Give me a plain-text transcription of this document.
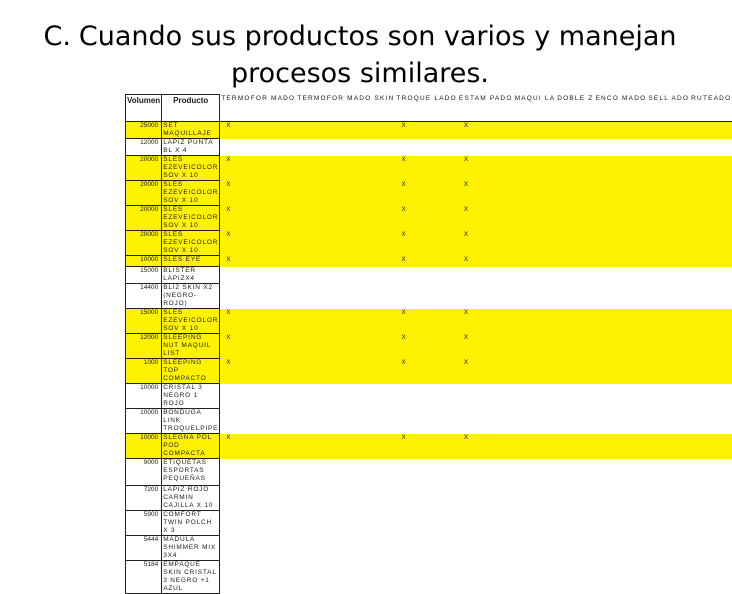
C. Cuando sus productos son varios y manejan
procesos similares.
Volumen	Producto	TERMOFOR MADO	TERMOFOR MADO SKIN	TROQUE LADO	ESTAM PADO	MAQUI LA	DOBLE Z	ENCO MADO	SELL ADO	RUTEADO
25000	SET MAQUILLAJE	X		X	X					
12000	LAPIZ PUNTA BL X 4									
20000	SLES EZEVEICOLOR SOV X 10	X		X	X					
20000	SLES EZEVEICOLOR SOV X 10	X		X	X					
20000	SLES EZEVEICOLOR SOV X 10	X		X	X					
20000	SLES EZEVEICOLOR SOV X 10	X		X	X					
10000	SLES EYE	X		X	X					
15000	BLISTER LAPIZX4									
14400	BLI2 SKIN X2 (NEGRO-ROJO)									
15000	SLES EZEVEICOLOR SOV X 10	X		X	X					
12000	SLEEPING NUT MAQUIL LIST	X		X	X					
1000	SLEEPING TOP COMPACTO	X		X	X					
10000	CRISTAL 3 NEGRO 1 ROJO									
10000	BONDUGA LINK TROQUELPIPE									
10000	SLEGNA POL POD COMPACTA	X		X	X					
9000	ETIQUETAS ESPORTAS PEQUEÑAS									
7200	LAPIZ ROJO CARMIN CAJILLA X 10									
5900	COMFORT TWIN POLCH X 3									
5444	MADULA SHIMMER MIX 3X4									
5184	EMPAQUE SKIN CRISTAL 3 NEGRO +1 AZUL									
